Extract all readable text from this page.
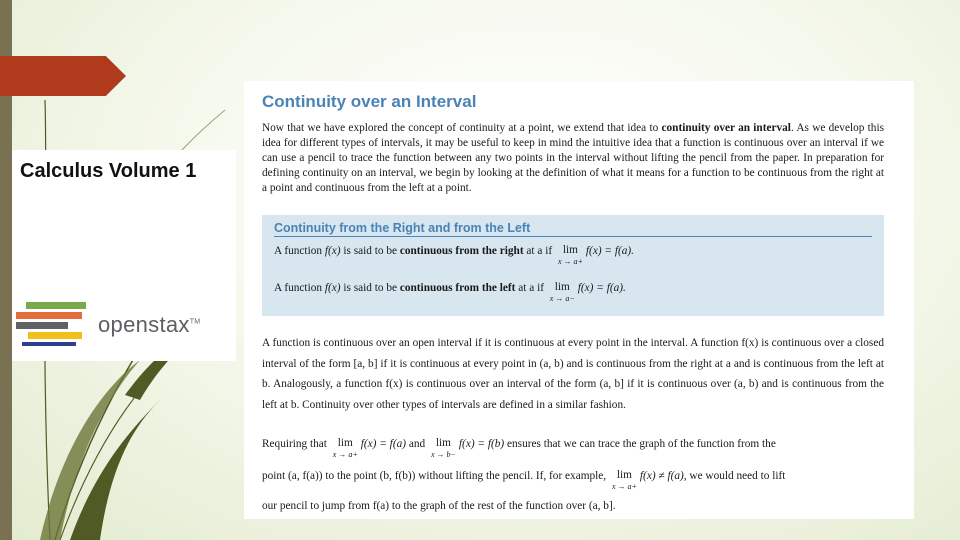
Calculus Volume 1
openstax™
Continuity over an Interval

Now that we have explored the concept of continuity at a point, we extend that idea to continuity over an interval. As we develop this idea for different types of intervals, it may be useful to keep in mind the intuitive idea that a function is continuous over an interval if we can use a pencil to trace the function between any two points in the interval without lifting the pencil from the paper. In preparation for defining continuity on an interval, we begin by looking at the definition of what it means for a function to be continuous from the right at a point and continuous from the left at a point.

Continuity from the Right and from the Left
A function f(x) is said to be continuous from the right at a if lim
x → a+
f(x) = f(a).
A function f(x) is said to be continuous from the left at a if lim
x → a−
f(x) = f(a).

A function is continuous over an open interval if it is continuous at every point in the interval. A function f(x) is continuous over a closed interval of the form [a, b] if it is continuous at every point in (a, b) and is continuous from the right at a and is continuous from the left at b. Analogously, a function f(x) is continuous over an interval of the form (a, b] if it is continuous over (a, b) and is continuous from the left at b. Continuity over other types of intervals are defined in a similar fashion.

Requiring that lim
x → a+
f(x) = f(a) and lim
x → b−
f(x) = f(b) ensures that we can trace the graph of the function from the
point (a, f(a)) to the point (b, f(b)) without lifting the pencil. If, for example, lim
x → a+
f(x) ≠ f(a), we would need to lift
our pencil to jump from f(a) to the graph of the rest of the function over (a, b].
